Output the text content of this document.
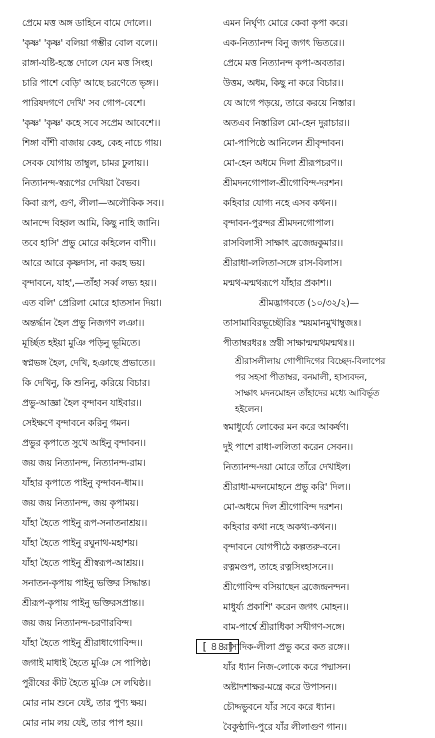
প্রেমে মত্ত অঙ্গ ডাহিনে বামে দোলে।।
'কৃষ্ণ' 'কৃষ্ণ' বলিয়া গম্ভীর বোল বলে।।
রাঙ্গা-যষ্টি-হস্তে দোলে যেন মত্ত সিংহ।
চারি পাশে বেড়ি' আছে চরণেতে ভৃঙ্গ।।
পারিষদগণে দেখি' সব গোপ-বেশে।
'কৃষ্ণ' 'কৃষ্ণ' কহে সবে সপ্রেম আবেশে।।
শিঙ্গা বাঁশী বাজায় কেহ, কেহ নাচে গায়।
সেবক যোগায় তাম্বুল, চামর ঢুলায়।।
নিত্যানন্দ-স্বরূপের দেখিয়া বৈভব।
কিবা রূপ, গুণ, লীলা—অলৌকিক সব।।
আনন্দে বিহ্বল আমি, কিছু নাহি জানি।
তবে হাসি' প্রভু মোরে কহিলেন বাণী।।
আরে আরে কৃষ্ণদাস, না করহ ভয়।
বৃন্দাবনে, যাহ',—তাঁহা সর্ব্ব লভ্য হয়।।
এত বলি' প্রেরিলা মোরে হাতসান দিয়া।
অন্তর্দ্ধান হৈল প্রভু নিজগণ লঞা।।
মূর্চ্ছিত হইয়া মুঞি পড়িনু ভূমিতে।
স্বপ্নভঙ্গ হৈল, দেখি, হঞাছে প্রভাতে।।
কি দেখিনু, কি শুনিনু, করিয়ে বিচার।
প্রভু-আজ্ঞা হৈল বৃন্দাবন যাইবার।।
সেইক্ষণে বৃন্দাবনে করিনু গমন।
প্রভুর কৃপাতে সুখে আইনু বৃন্দাবন।।
জয় জয় নিত্যানন্দ, নিত্যানন্দ-রাম।
যাঁহার কৃপাতে পাইনু বৃন্দাবন-ধাম।।
জয় জয় নিত্যানন্দ, জয় কৃপাময়।
যাঁহা হৈতে পাইনু রূপ-সনাতনাশ্রয়।।
যাঁহা হৈতে পাইনু রঘুনাথ-মহাশয়।
যাঁহা হৈতে পাইনু শ্রীস্বরূপ-আশ্রয়।।
সনাতন-কৃপায় পাইনু ভক্তির সিদ্ধান্ত।
শ্রীরূপ-কৃপায় পাইনু ভক্তিরসপ্রান্ত।।
জয় জয় নিত্যানন্দ-চরণারবিন্দ।
যাঁহা হৈতে পাইনু শ্রীরাধাগোবিন্দ।।
জগাই মাধাই হৈতে মুঞি সে পাপিষ্ঠ।
পুরীষের কীট হৈতে মুঞি সে লঘিষ্ঠ।।
মোর নাম শুনে যেই, তার পুণ্য ক্ষয়।
মোর নাম লয় যেই, তার পাপ হয়।।
এমন নির্ঘৃণ্য মোরে কেবা কৃপা করে।
এক-নিত্যানন্দ বিনু জগৎ ভিতরে।।
প্রেমে মত্ত নিত্যানন্দ কৃপা-অবতার।
উত্তম, অধম, কিছু না করে বিচার।।
যে আগে পড়য়ে, তারে করয়ে নিস্তার।
অতএব নিস্তারিল মো-হেন দুরাচার।।
মো-পাপিষ্ঠে আনিলেন শ্রীবৃন্দাবন।
মো-হেন অধমে দিলা শ্রীরূপচরণ।।
শ্রীমদনগোপাল-শ্রীগোবিন্দ-দরশন।
কহিবার যোগ্য নহে এসব কথন।।
বৃন্দাবন-পুরন্দর শ্রীমদনগোপাল।
রাসবিলাসী সাক্ষাৎ ব্রজেন্দ্রকুমার।।
শ্রীরাধা-ললিতা-সঙ্গে রাস-বিলাস।
মন্মথ-মন্মথরূপে যাঁহার প্রকাশ।।
শ্রীমদ্ভাগবতে (১০/৩২/২)—
তাসামাবিরভূচ্ছৌরিঃ স্ময়মানমুখাম্বুজঃ।
পীতাম্বরধরঃ স্রগ্বী সাক্ষান্মন্মথমন্মথঃ।।
শ্রীরাসলীলায় গোপীদিগের বিচ্ছেদ-বিলাপের
পর সহসা পীতাম্বর, বনমালী, হাস্যবদন,
সাক্ষাৎ মদনমোহন তাঁহাদের মধ্যে আবির্ভূত
হইলেন।
স্বমাধুর্য্যে লোকের মন করে আকর্ষণ।
দুই পাশে রাধা-ললিতা করেন সেবন।।
নিত্যানন্দ-দয়া মোরে তাঁরে দেখাইল।
শ্রীরাধা-মদনমোহনে প্রভু করি' দিল।।
মো-অধমে দিল শ্রীগোবিন্দ দরশন।
কহিবার কথা নহে অকথ্য-কথন।।
বৃন্দাবনে যোগপীঠে কল্পতরু-বনে।
রত্নমণ্ডপ, তাহে রত্নসিংহাসনে।।
শ্রীগোবিন্দ বসিয়াছেন ব্রজেন্দ্রনন্দন।
মাধুর্য্য প্রকাশি' করেন জগৎ মোহন।।
বাম-পার্শ্বে শ্রীরাধিকা সখীগণ-সঙ্গে।
রাসাদিক-লীলা প্রভু করে কত রঙ্গে।।
যাঁর ধ্যান নিজ-লোকে করে পদ্মাসন।
অষ্টাদশাক্ষর-মন্ত্রে করে উপাসন।।
চৌদ্দভুবনে যাঁর সবে করে ধ্যান।
বৈকুণ্ঠাদি-পুরে যাঁর লীলাগুণ গান।।
[ ৪৪ ]
